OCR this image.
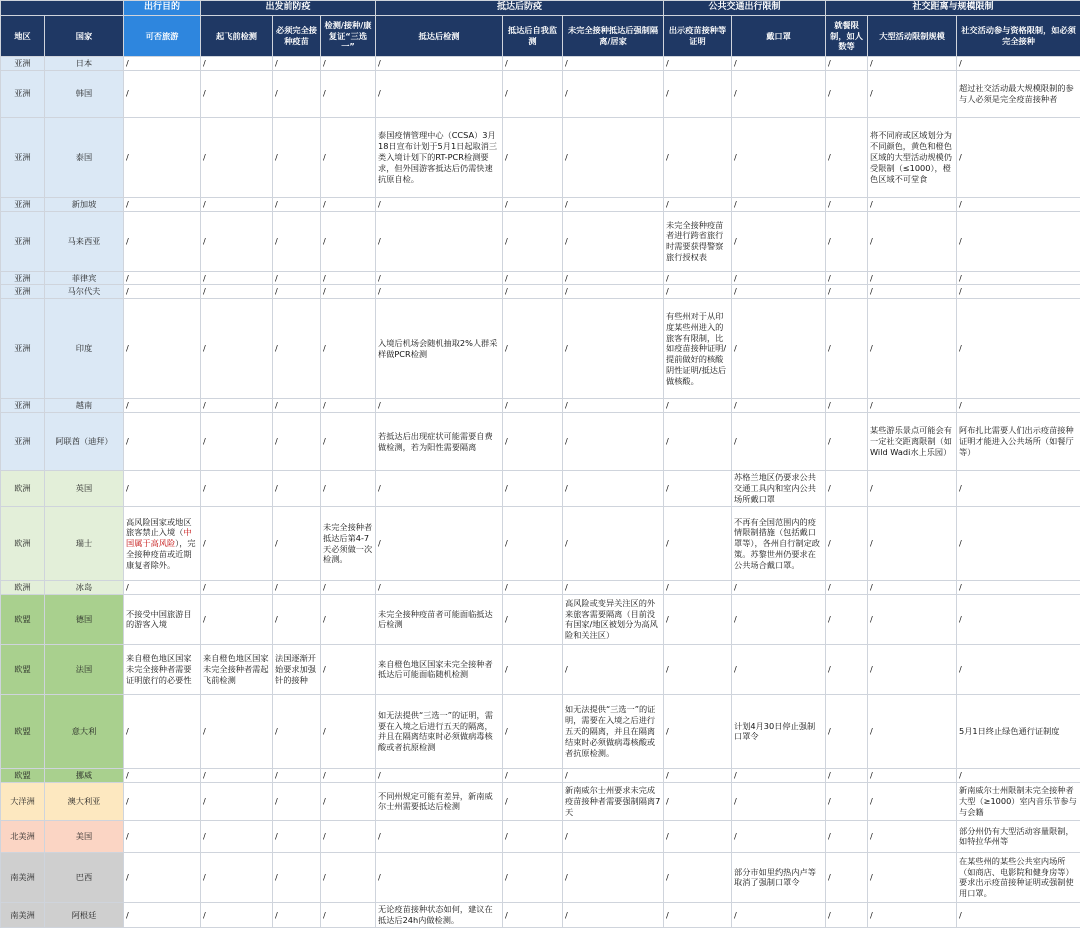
		出行目的	出发前防疫			抵达后防疫			公共交通出行限制		社交距离与规模限制		
地区	国家	可否旅游	起飞前检测	必须完全接种疫苗	检测/接种/康复证“三选一”	抵达后检测	抵达后自我监测	未完全接种抵达后强制隔离/居家	出示疫苗接种等证明	戴口罩	就餐限制，如人数等	大型活动限制规模	社交活动参与资格限制，如必须完全接种
亚洲	日本	/	/	/	/	/	/	/	/	/	/	/	/
亚洲	韩国	/	/	/	/	/	/	/	/	/	/	/	超过社交活动最大规模限制的参与人必须是完全疫苗接种者
亚洲	泰国	/	/	/	/	泰国疫情管理中心（CCSA）3月18日宣布计划于5月1日起取消三类入境计划下的RT-PCR检测要求，但外国游客抵达后仍需快速抗原自检。	/	/	/	/	/	将不同府或区域划分为不同颜色，黄色和橙色区域的大型活动规模仍受限制（≤1000），橙色区域不可堂食	/
亚洲	新加坡	/	/	/	/	/	/	/	/	/	/	/	/
亚洲	马来西亚	/	/	/	/	/	/	/	未完全接种疫苗者进行跨省旅行时需要获得警察旅行授权表	/	/	/	/
亚洲	菲律宾	/	/	/	/	/	/	/	/	/	/	/	/
亚洲	马尔代夫	/	/	/	/	/	/	/	/	/	/	/	/
亚洲	印度	/	/	/	/	入境后机场会随机抽取2%人群采样做PCR检测	/	/	有些州对于从印度某些州进入的旅客有限制，比如疫苗接种证明/提前做好的核酸阴性证明/抵达后做核酸。	/	/	/	/
亚洲	越南	/	/	/	/	/	/	/	/	/	/	/	/
亚洲	阿联酋（迪拜）	/	/	/	/	若抵达后出现症状可能需要自费做检测，若为阳性需要隔离	/	/	/	/	/	某些游乐景点可能会有一定社交距离限制（如Wild Wadi水上乐园）	阿布扎比需要人们出示疫苗接种证明才能进入公共场所（如餐厅等）
欧洲	英国	/	/	/	/	/	/	/	/	苏格兰地区仍要求公共交通工具内和室内公共场所戴口罩	/	/	/
欧洲	瑞士	高风险国家或地区旅客禁止入境（中国属于高风险），完全接种疫苗或近期康复者除外。	/	/	未完全接种者抵达后第4-7天必须做一次检测。	/	/	/	/	不再有全国范围内的疫情限制措施（包括戴口罩等），各州自行制定政策。苏黎世州仍要求在公共场合戴口罩。	/	/	/
欧洲	冰岛	/	/	/	/	/	/	/	/	/	/	/	/
欧盟	德国	不接受中国旅游目的游客入境	/	/	/	未完全接种疫苗者可能面临抵达后检测	/	高风险或变异关注区的外来旅客需要隔离（目前没有国家/地区被划分为高风险和关注区）	/	/	/	/	/
欧盟	法国	来自橙色地区国家未完全接种者需要证明旅行的必要性	来自橙色地区国家未完全接种者需起飞前检测	法国逐渐开始要求加强针的接种	/	来自橙色地区国家未完全接种者抵达后可能面临随机检测	/	/	/	/	/	/	/
欧盟	意大利	/	/	/	/	如无法提供“三选一”的证明，需要在入境之后进行五天的隔离，并且在隔离结束时必须做病毒核酸或者抗原检测	/	如无法提供“三选一”的证明，需要在入境之后进行五天的隔离，并且在隔离结束时必须做病毒核酸或者抗原检测。	/	计划4月30日停止强制口罩令	/	/	5月1日终止绿色通行证制度
欧盟	挪威	/	/	/	/	/	/	/	/	/	/	/	/
大洋洲	澳大利亚	/	/	/	/	不同州规定可能有差异，新南威尔士州需要抵达后检测	/	新南威尔士州要求未完成疫苗接种者需要强制隔离7天	/	/	/	/	新南威尔士州限制未完全接种者大型（≥1000）室内音乐节参与与会籍
北美洲	美国	/	/	/	/	/	/	/	/	/	/	/	部分州仍有大型活动容量限制，如特拉华州等
南美洲	巴西	/	/	/	/	/	/	/	/	部分市如里约热内卢等取消了强制口罩令	/	/	在某些州的某些公共室内场所（如商店、电影院和健身房等）要求出示疫苗接种证明或强制使用口罩。
南美洲	阿根廷	/	/	/	/	无论疫苗接种状态如何，建议在抵达后24h内做检测。	/	/	/	/	/	/	/
